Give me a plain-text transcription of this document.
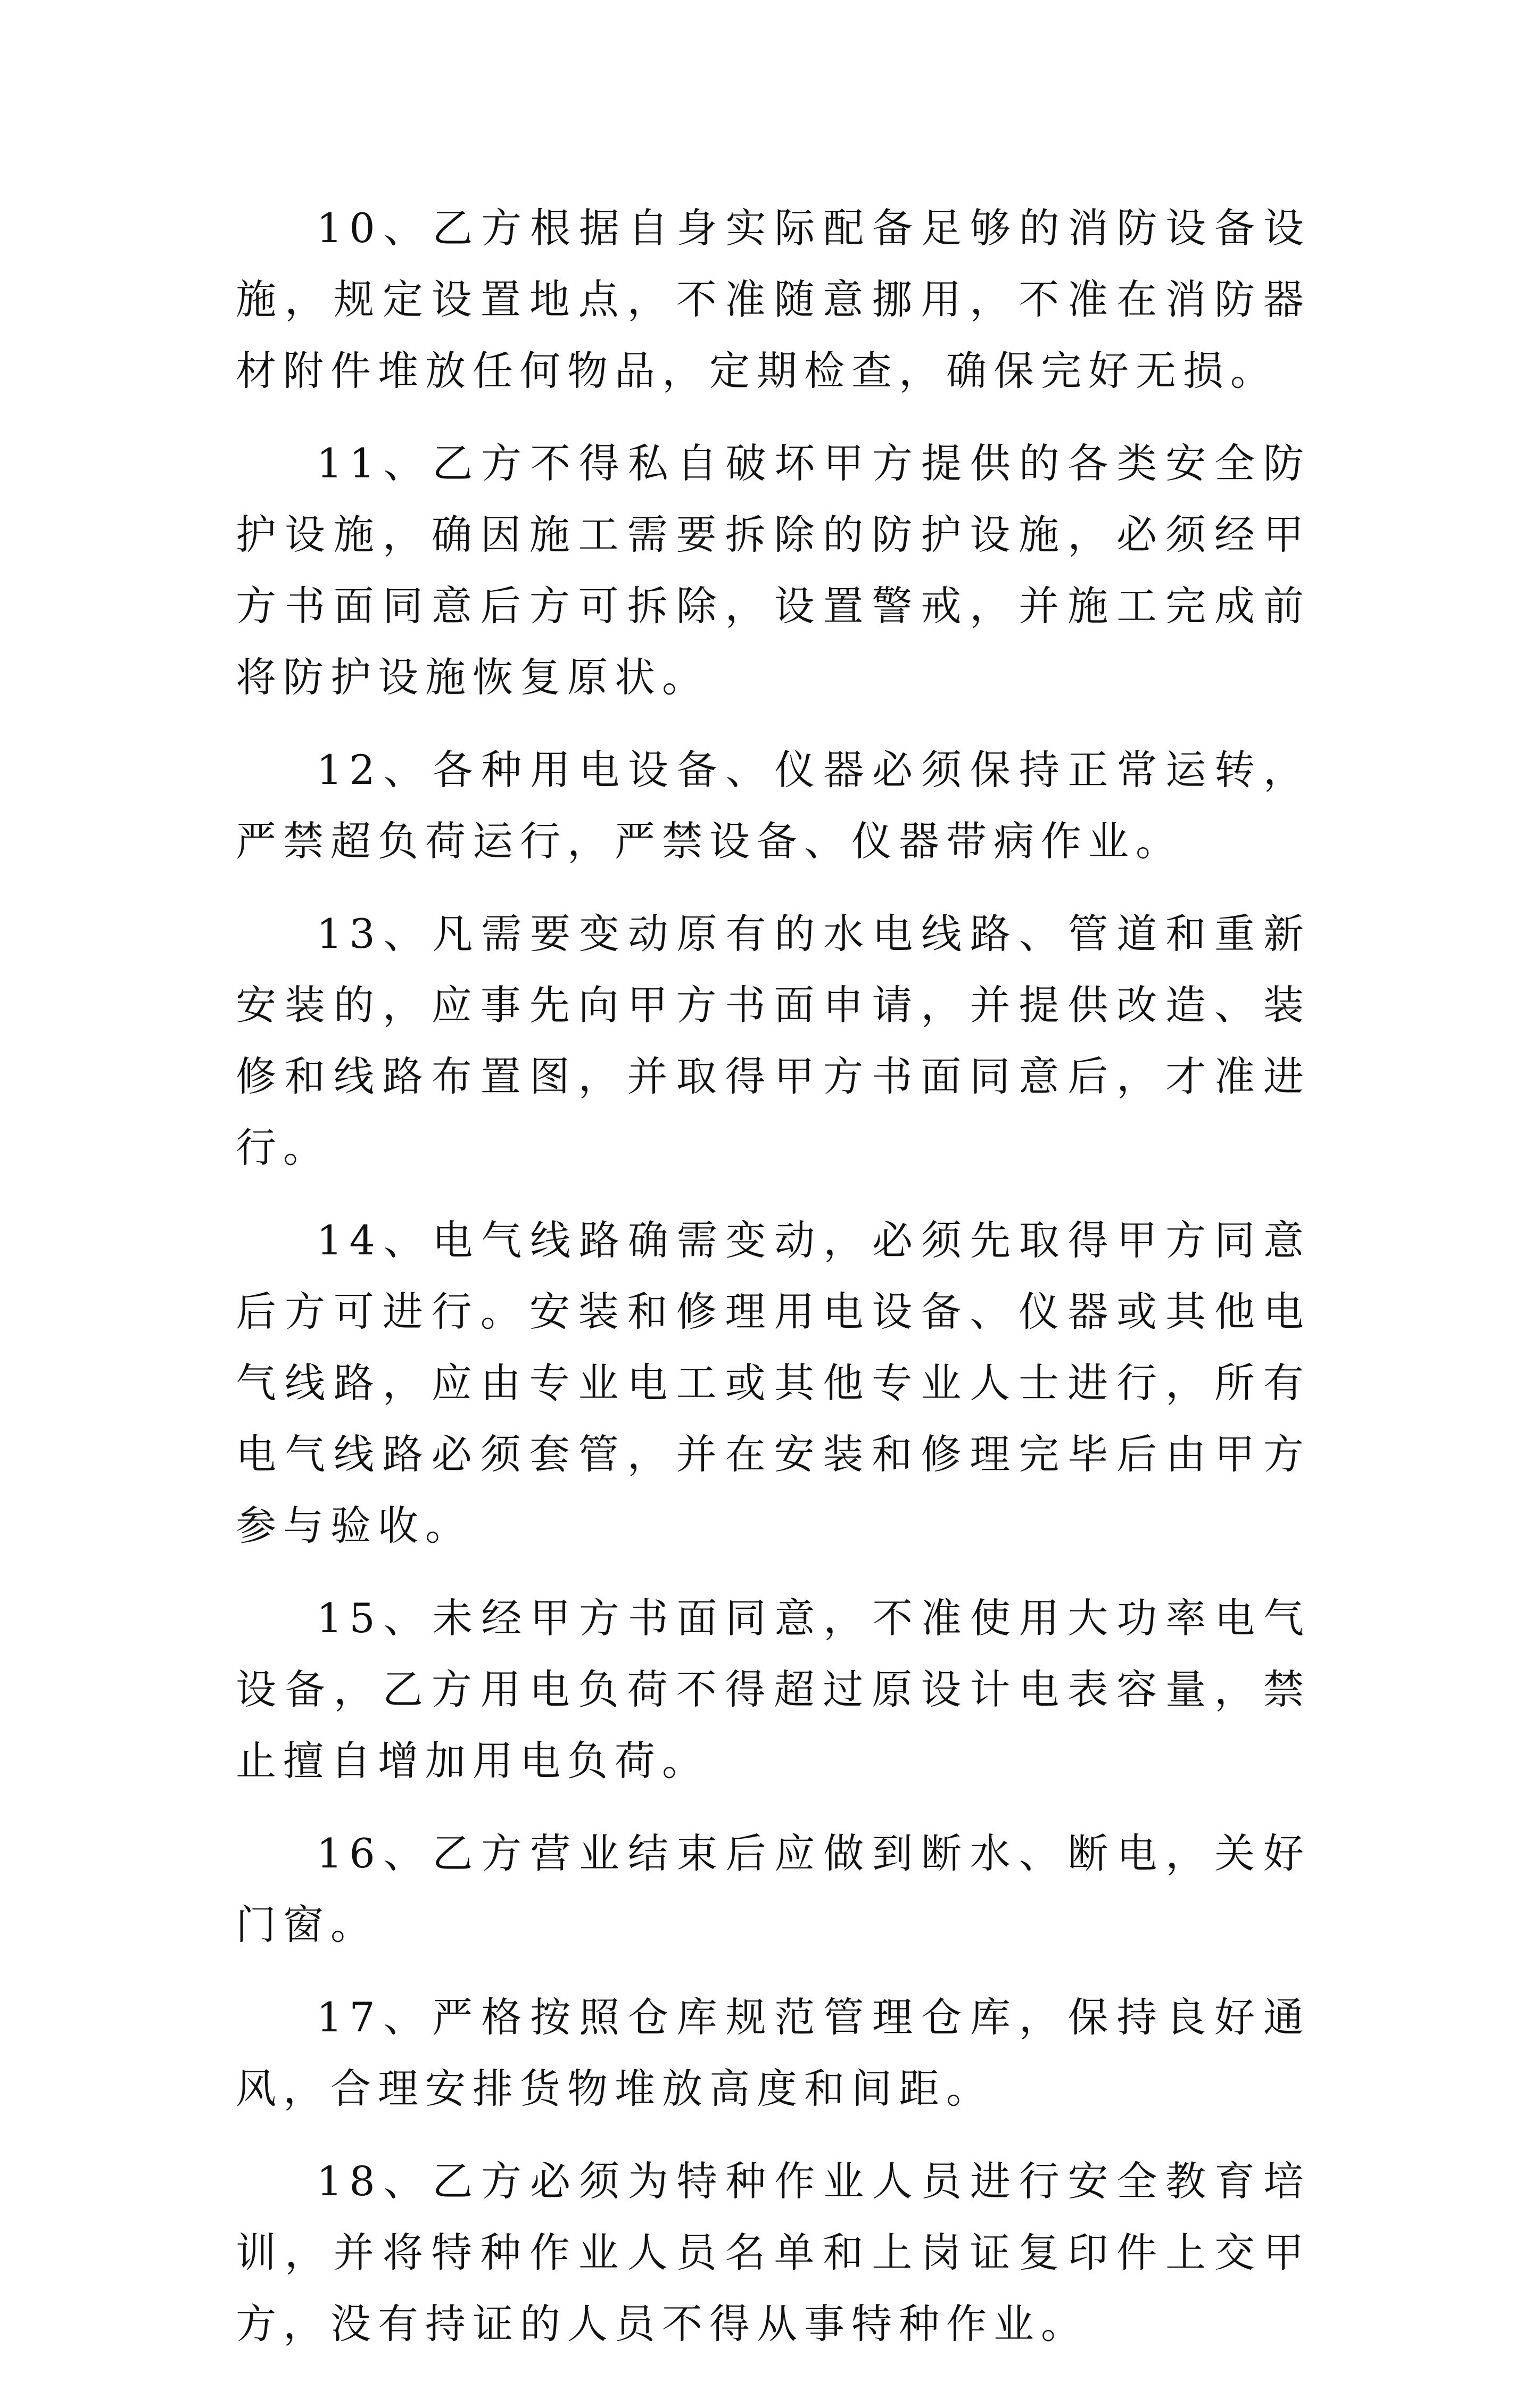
10、乙方根据自身实际配备足够的消防设备设施，规定设置地点，不准随意挪用，不准在消防器材附件堆放任何物品，定期检查，确保完好无损。

11、乙方不得私自破坏甲方提供的各类安全防护设施，确因施工需要拆除的防护设施，必须经甲方书面同意后方可拆除，设置警戒，并施工完成前将防护设施恢复原状。

12、各种用电设备、仪器必须保持正常运转，严禁超负荷运行，严禁设备、仪器带病作业。

13、凡需要变动原有的水电线路、管道和重新安装的，应事先向甲方书面申请，并提供改造、装修和线路布置图，并取得甲方书面同意后，才准进行。

14、电气线路确需变动，必须先取得甲方同意后方可进行。安装和修理用电设备、仪器或其他电气线路，应由专业电工或其他专业人士进行，所有电气线路必须套管，并在安装和修理完毕后由甲方参与验收。

15、未经甲方书面同意，不准使用大功率电气设备，乙方用电负荷不得超过原设计电表容量，禁止擅自增加用电负荷。

16、乙方营业结束后应做到断水、断电，关好门窗。

17、严格按照仓库规范管理仓库，保持良好通风，合理安排货物堆放高度和间距。

18、乙方必须为特种作业人员进行安全教育培训，并将特种作业人员名单和上岗证复印件上交甲方，没有持证的人员不得从事特种作业。
